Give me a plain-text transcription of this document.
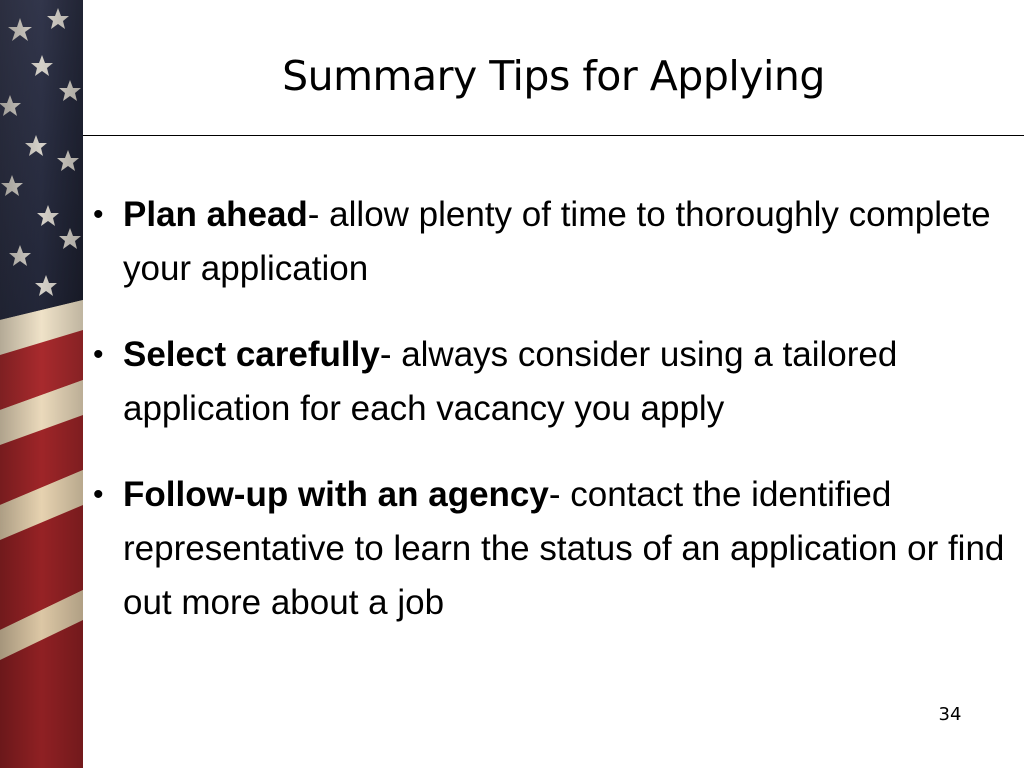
Summary Tips for Applying
• Plan ahead- allow plenty of time to thoroughly complete your application
• Select carefully- always consider using a tailored application for each vacancy you apply
• Follow-up with an agency- contact the identified representative to learn the status of an application or find out more about a job
34
